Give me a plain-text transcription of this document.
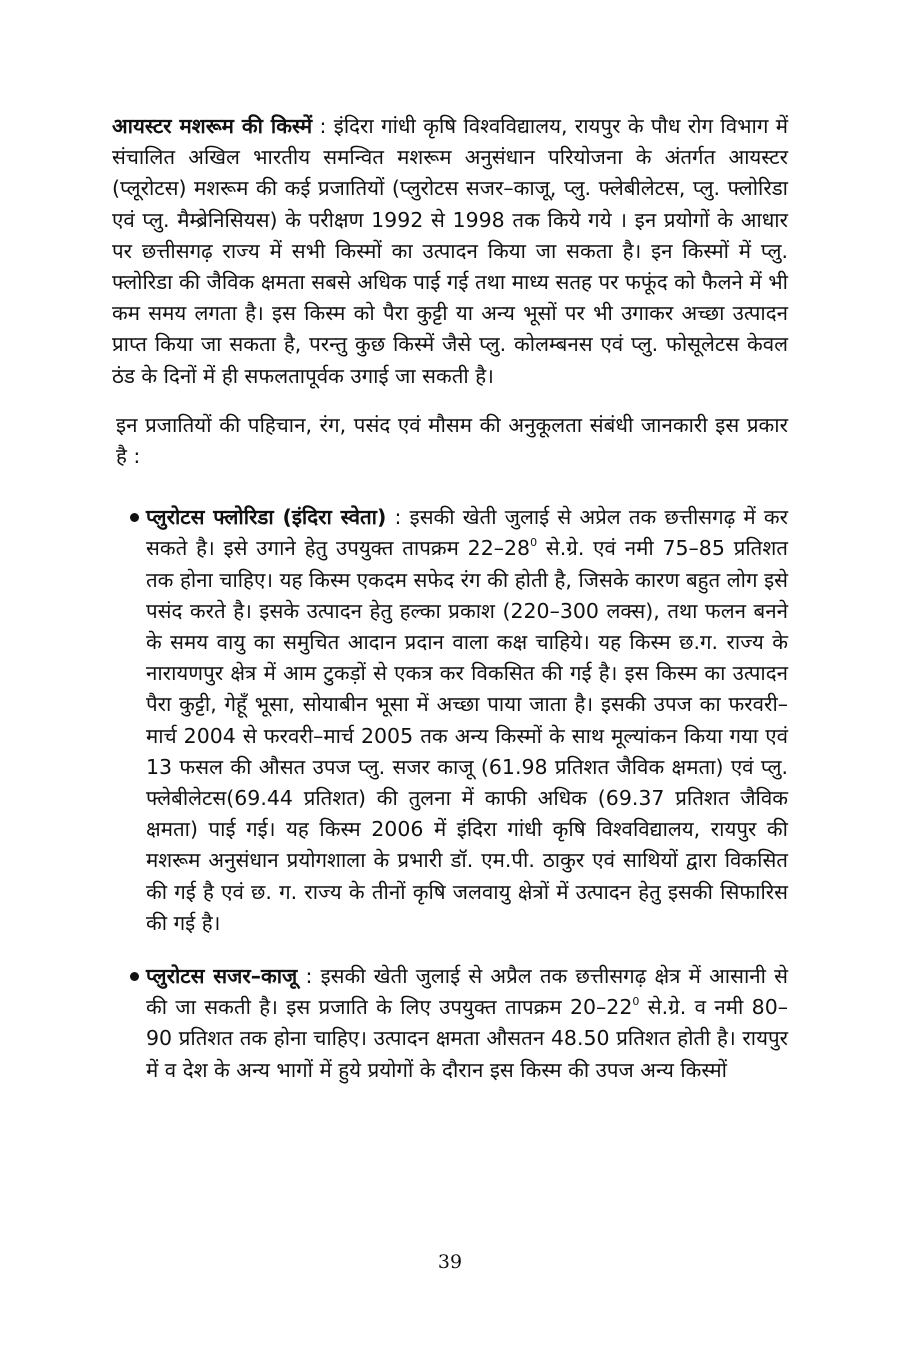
आयस्टर मशरूम की किस्में : इंदिरा गांधी कृषि विश्वविद्यालय, रायपुर के पौध रोग विभाग में संचालित अखिल भारतीय समन्वित मशरूम अनुसंधान परियोजना के अंतर्गत आयस्टर (प्लूरोटस) मशरूम की कई प्रजातियों (प्लुरोटस सजर–काजू, प्लु. फ्लेबीलेटस, प्लु. फ्लोरिडा एवं प्लु. मैम्ब्रेनिसियस) के परीक्षण 1992 से 1998 तक किये गये । इन प्रयोगों के आधार पर छत्तीसगढ़ राज्य में सभी किस्मों का उत्पादन किया जा सकता है। इन किस्मों में प्लु. फ्लोरिडा की जैविक क्षमता सबसे अधिक पाई गई तथा माध्य सतह पर फफूंद को फैलने में भी कम समय लगता है। इस किस्म को पैरा कुट्टी या अन्य भूसों पर भी उगाकर अच्छा उत्पादन प्राप्त किया जा सकता है, परन्तु कुछ किस्में जैसे प्लु. कोलम्बनस एवं प्लु. फोसूलेटस केवल ठंड के दिनों में ही सफलतापूर्वक उगाई जा सकती है।

इन प्रजातियों की पहिचान, रंग, पसंद एवं मौसम की अनुकूलता संबंधी जानकारी इस प्रकार है :

प्लुरोटस फ्लोरिडा (इंदिरा स्वेता) : इसकी खेती जुलाई से अप्रेल तक छत्तीसगढ़ में कर सकते है। इसे उगाने हेतु उपयुक्त तापक्रम $22-28^0$ से.ग्रे. एवं नमी 75–85 प्रतिशत तक होना चाहिए। यह किस्म एकदम सफेद रंग की होती है, जिसके कारण बहुत लोग इसे पसंद करते है। इसके उत्पादन हेतु हल्का प्रकाश (220–300 लक्स), तथा फलन बनने के समय वायु का समुचित आदान प्रदान वाला कक्ष चाहिये। यह किस्म छ.ग. राज्य के नारायणपुर क्षेत्र में आम टुकड़ों से एकत्र कर विकसित की गई है। इस किस्म का उत्पादन पैरा कुट्टी, गेहूँ भूसा, सोयाबीन भूसा में अच्छा पाया जाता है। इसकी उपज का फरवरी–मार्च 2004 से फरवरी–मार्च 2005 तक अन्य किस्मों के साथ मूल्यांकन किया गया एवं 13 फसल की औसत उपज प्लु. सजर काजू (61.98 प्रतिशत जैविक क्षमता) एवं प्लु. फ्लेबीलेटस(69.44 प्रतिशत) की तुलना में काफी अधिक (69.37 प्रतिशत जैविक क्षमता) पाई गई। यह किस्म 2006 में इंदिरा गांधी कृषि विश्वविद्यालय, रायपुर की मशरूम अनुसंधान प्रयोगशाला के प्रभारी डॉ. एम.पी. ठाकुर एवं साथियों द्वारा विकसित की गई है एवं छ. ग. राज्य के तीनों कृषि जलवायु क्षेत्रों में उत्पादन हेतु इसकी सिफारिस की गई है।

प्लुरोटस सजर–काजू : इसकी खेती जुलाई से अप्रैल तक छत्तीसगढ़ क्षेत्र में आसानी से की जा सकती है। इस प्रजाति के लिए उपयुक्त तापक्रम $20-22^0$ से.ग्रे. व नमी 80–90 प्रतिशत तक होना चाहिए। उत्पादन क्षमता औसतन 48.50 प्रतिशत होती है। रायपुर में व देश के अन्य भागों में हुये प्रयोगों के दौरान इस किस्म की उपज अन्य किस्मों

39
